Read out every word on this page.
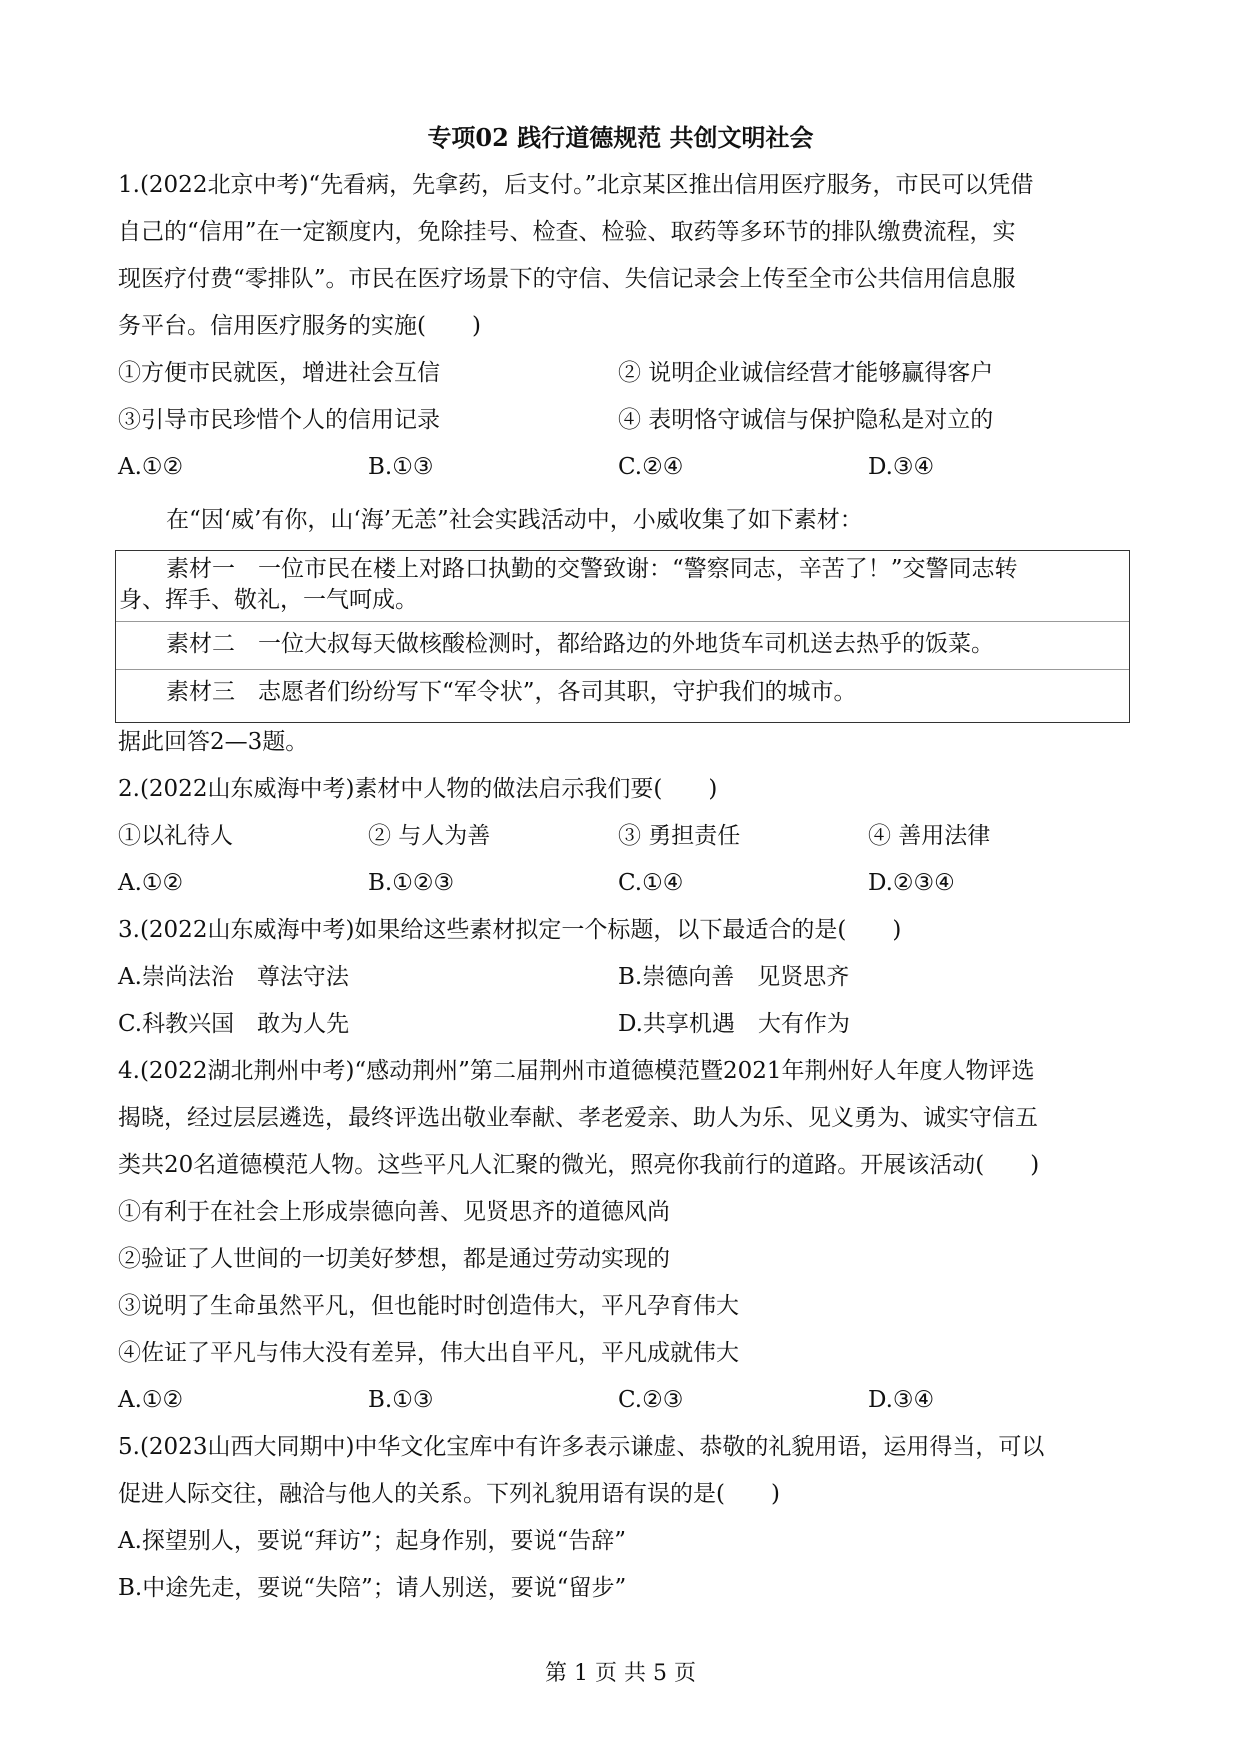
专项02 践行道德规范 共创文明社会
1.(2022北京中考)“先看病，先拿药，后支付。”北京某区推出信用医疗服务，市民可以凭借
自己的“信用”在一定额度内，免除挂号、检查、检验、取药等多环节的排队缴费流程，实
现医疗付费“零排队”。市民在医疗场景下的守信、失信记录会上传至全市公共信用信息服
务平台。信用医疗服务的实施(　　)
①方便市民就医，增进社会互信	② 说明企业诚信经营才能够赢得客户
③引导市民珍惜个人的信用记录	④ 表明恪守诚信与保护隐私是对立的
A.①②	B.①③	C.②④	D.③④
在“因‘威’有你，山‘海’无恙”社会实践活动中，小威收集了如下素材：
素材一　一位市民在楼上对路口执勤的交警致谢：“警察同志，辛苦了！”交警同志转
身、挥手、敬礼，一气呵成。
素材二　一位大叔每天做核酸检测时，都给路边的外地货车司机送去热乎的饭菜。
素材三　志愿者们纷纷写下“军令状”，各司其职，守护我们的城市。
据此回答2—3题。
2.(2022山东威海中考)素材中人物的做法启示我们要(　　)
①以礼待人	② 与人为善	③ 勇担责任	④ 善用法律
A.①②	B.①②③	C.①④	D.②③④
3.(2022山东威海中考)如果给这些素材拟定一个标题，以下最适合的是(　　)
A.崇尚法治　尊法守法	B.崇德向善　见贤思齐
C.科教兴国　敢为人先	D.共享机遇　大有作为
4.(2022湖北荆州中考)“感动荆州”第二届荆州市道德模范暨2021年荆州好人年度人物评选
揭晓，经过层层遴选，最终评选出敬业奉献、孝老爱亲、助人为乐、见义勇为、诚实守信五
类共20名道德模范人物。这些平凡人汇聚的微光，照亮你我前行的道路。开展该活动(　　)
①有利于在社会上形成崇德向善、见贤思齐的道德风尚
②验证了人世间的一切美好梦想，都是通过劳动实现的
③说明了生命虽然平凡，但也能时时创造伟大，平凡孕育伟大
④佐证了平凡与伟大没有差异，伟大出自平凡，平凡成就伟大
A.①②	B.①③	C.②③	D.③④
5.(2023山西大同期中)中华文化宝库中有许多表示谦虚、恭敬的礼貌用语，运用得当，可以
促进人际交往，融洽与他人的关系。下列礼貌用语有误的是(　　)
A.探望别人，要说“拜访”；起身作别，要说“告辞”
B.中途先走，要说“失陪”；请人别送，要说“留步”
第 1 页 共 5 页
